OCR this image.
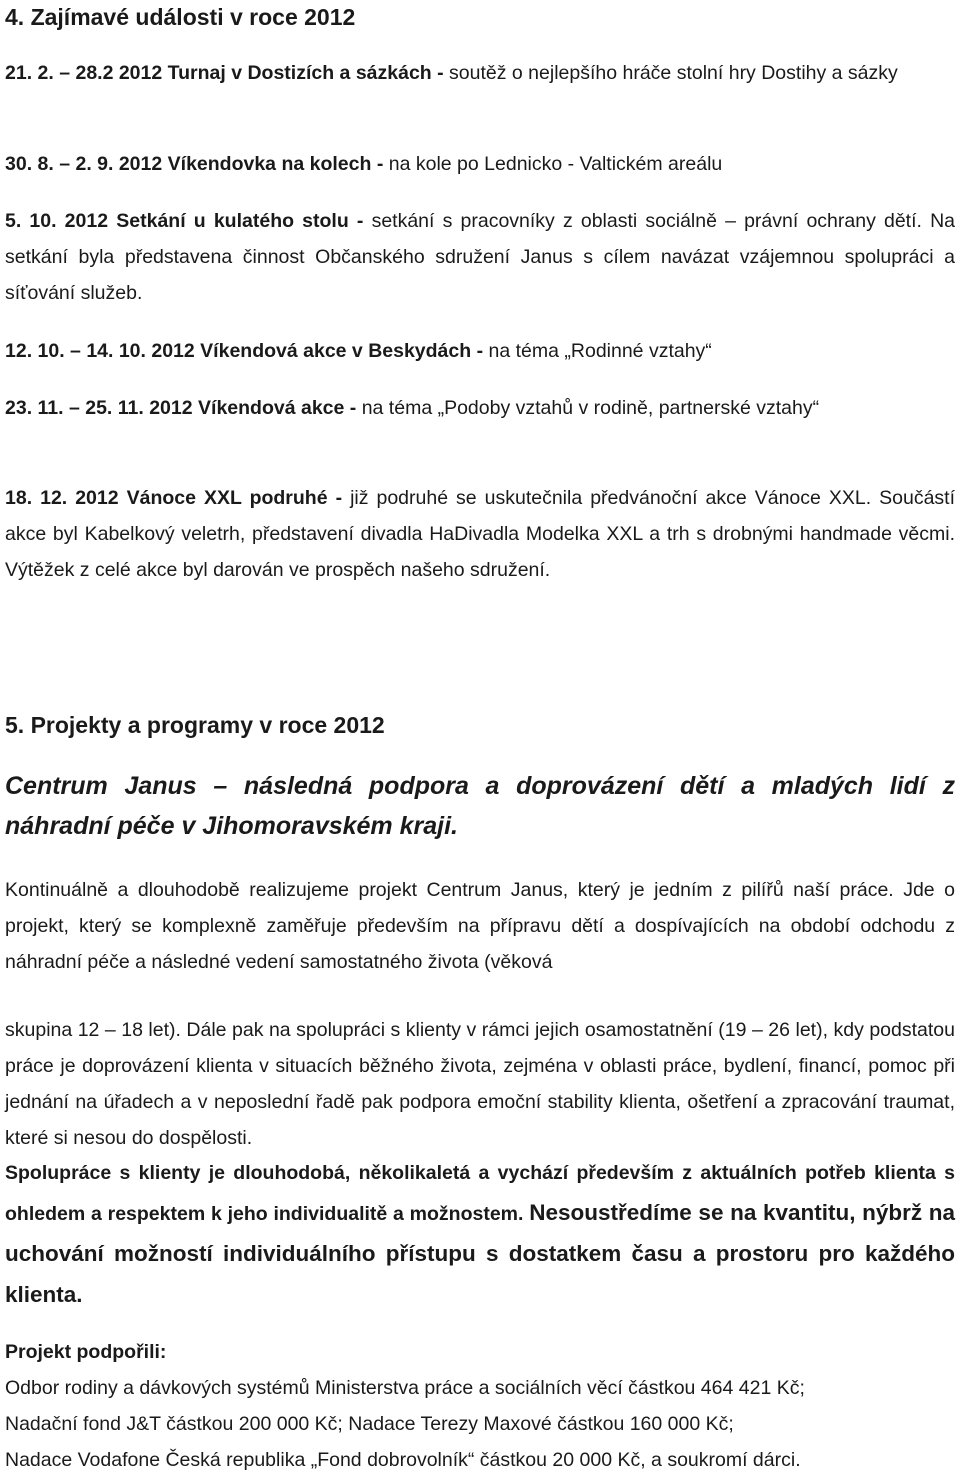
4. Zajímavé události v roce 2012

21. 2. – 28.2 2012 Turnaj v Dostizích a sázkách - soutěž o nejlepšího hráče stolní hry Dostihy a sázky

30. 8. – 2. 9. 2012 Víkendovka na kolech - na kole po Lednicko - Valtickém areálu

5. 10. 2012 Setkání u kulatého stolu - setkání s pracovníky z oblasti sociálně – právní ochrany dětí. Na setkání byla představena činnost Občanského sdružení Janus s cílem navázat vzájemnou spolupráci a síťování služeb.

12. 10. – 14. 10. 2012 Víkendová akce v Beskydách - na téma „Rodinné vztahy“

23. 11. – 25. 11. 2012 Víkendová akce - na téma „Podoby vztahů v rodině, partnerské vztahy“

18. 12. 2012 Vánoce XXL podruhé - již podruhé se uskutečnila předvánoční akce Vánoce XXL. Součástí akce byl Kabelkový veletrh, představení divadla HaDivadla Modelka XXL a trh s drobnými handmade věcmi. Výtěžek z celé akce byl darován ve prospěch našeho sdružení.

5. Projekty a programy v roce 2012

Centrum Janus – následná podpora a doprovázení dětí a mladých lidí z náhradní péče v Jihomoravském kraji.

Kontinuálně a dlouhodobě realizujeme projekt Centrum Janus, který je jedním z pilířů naší práce. Jde o projekt, který se komplexně zaměřuje především na přípravu dětí a dospívajících na období odchodu z náhradní péče a následné vedení samostatného života (věková

skupina 12 – 18 let). Dále pak na spolupráci s klienty v rámci jejich osamostatnění (19 – 26 let), kdy podstatou práce je doprovázení klienta v situacích běžného života, zejména v oblasti práce, bydlení, financí, pomoc při jednání na úřadech a v neposlední řadě pak podpora emoční stability klienta, ošetření a zpracování traumat, které si nesou do dospělosti.

Spolupráce s klienty je dlouhodobá, několikaletá a vychází především z aktuálních potřeb klienta s ohledem a respektem k jeho individualitě a možnostem. Nesoustředíme se na kvantitu, nýbrž na uchování možností individuálního přístupu s dostatkem času a prostoru pro každého klienta.

Projekt podpořili:

Odbor rodiny a dávkových systémů Ministerstva práce a sociálních věcí částkou 464 421 Kč;

Nadační fond J&T částkou 200 000 Kč; Nadace Terezy Maxové částkou 160 000 Kč;

Nadace Vodafone Česká republika „Fond dobrovolník“ částkou 20 000 Kč, a soukromí dárci.
